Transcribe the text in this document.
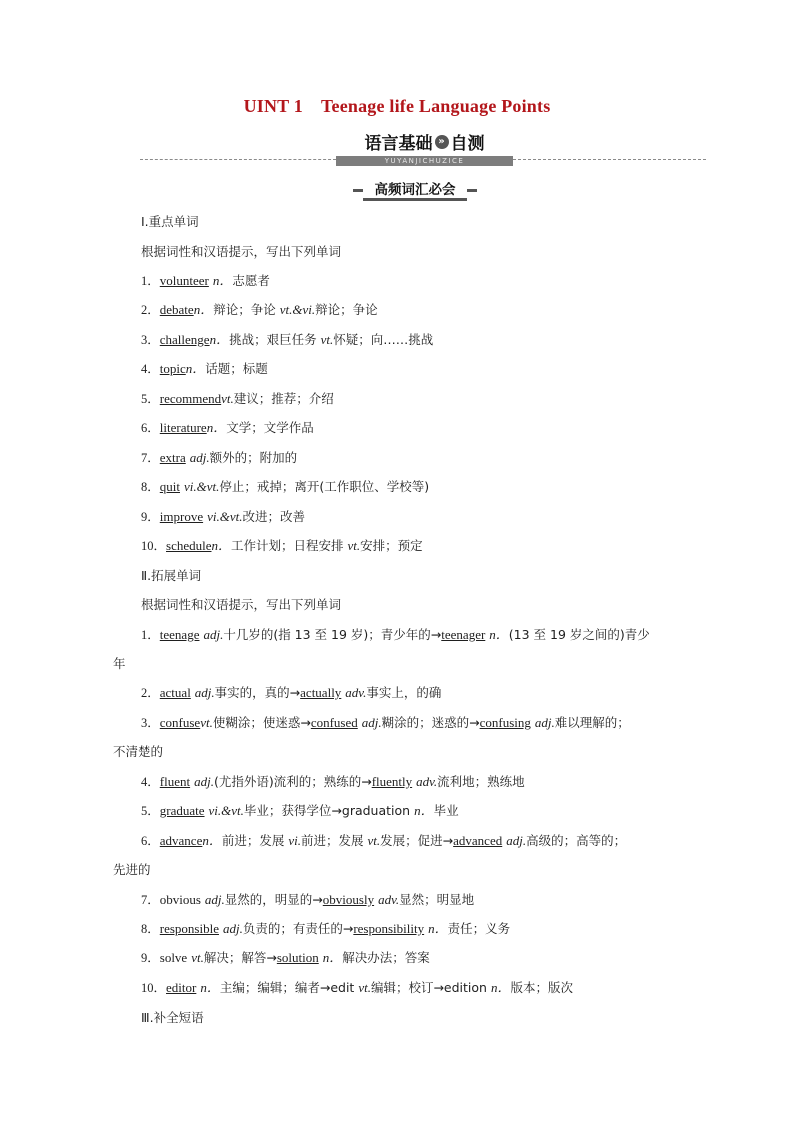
UINT 1 Teenage life Language Points
语言基础 » 自测
YUYANJICHUZICE
高频词汇必会
Ⅰ.重点单词
根据词性和汉语提示，写出下列单词
1．volunteer n．志愿者
2．debaten．辩论；争论 vt.&vi.辩论；争论
3．challengen．挑战；艰巨任务 vt.怀疑；向……挑战
4．topicn．话题；标题
5．recommendvt.建议；推荐；介绍
6．literaturen．文学；文学作品
7．extra adj.额外的；附加的
8．quit vi.&vt.停止；戒掉；离开(工作职位、学校等)
9．improve vi.&vt.改进；改善
10．schedulen．工作计划；日程安排 vt.安排；预定
Ⅱ.拓展单词
根据词性和汉语提示，写出下列单词
1．teenage adj.十几岁的(指 13 至 19 岁)；青少年的→teenager n．(13 至 19 岁之间的)青少
年
2．actual adj.事实的，真的→actually adv.事实上，的确
3．confusevt.使糊涂；使迷惑→confused adj.糊涂的；迷惑的→confusing adj.难以理解的；
不清楚的
4．fluent adj.(尤指外语)流利的；熟练的→fluently adv.流利地；熟练地
5．graduate vi.&vt.毕业；获得学位→graduation n．毕业
6．advancen．前进；发展 vi.前进；发展 vt.发展；促进→advanced adj.高级的；高等的；
先进的
7．obvious adj.显然的，明显的→obviously adv.显然；明显地
8．responsible adj.负责的；有责任的→responsibility n．责任；义务
9．solve vt.解决；解答→solution n．解决办法；答案
10．editor n．主编；编辑；编者→edit vt.编辑；校订→edition n．版本；版次
Ⅲ.补全短语
